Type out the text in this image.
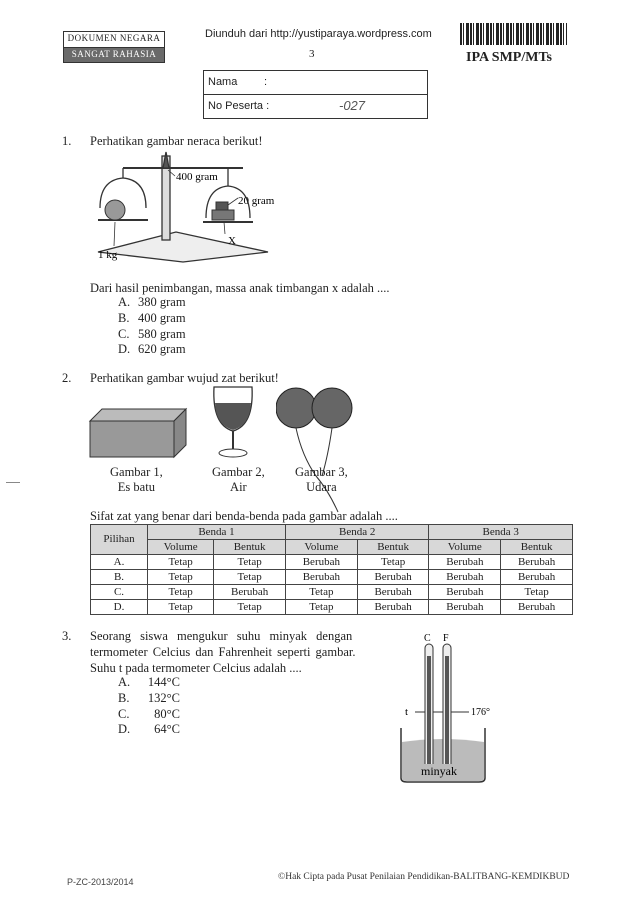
DOKUMEN NEGARA
SANGAT RAHASIA
Diunduh dari http://yustiparaya.wordpress.com
3	IPA SMP/MTs
Nama :
No Peserta :	-027
1. Perhatikan gambar neraca berikut!
400 gram
20 gram
1 kg
X
Dari hasil penimbangan, massa anak timbangan x adalah ....
A. 380 gram
B. 400 gram
C. 580 gram
D. 620 gram
2. Perhatikan gambar wujud zat berikut!
Gambar 1,
Es batu
Gambar 2,
Air
Gambar 3,
Udara
Sifat zat yang benar dari benda-benda pada gambar adalah ....
Pilihan	Benda 1		Benda 2		Benda 3	
	Volume	Bentuk	Volume	Bentuk	Volume	Bentuk
A.	Tetap	Tetap	Berubah	Tetap	Berubah	Berubah
B.	Tetap	Tetap	Berubah	Berubah	Berubah	Berubah
C.	Tetap	Berubah	Tetap	Berubah	Berubah	Tetap
D.	Tetap	Tetap	Tetap	Berubah	Berubah	Berubah
3. Seorang siswa mengukur suhu minyak dengan
termometer Celcius dan Fahrenheit seperti gambar.
Suhu t pada termometer Celcius adalah ....
A. 144°C
B. 132°C
C. 80°C
D. 64°C
C F
t	176°
minyak
P-ZC-2013/2014	©Hak Cipta pada Pusat Penilaian Pendidikan-BALITBANG-KEMDIKBUD
